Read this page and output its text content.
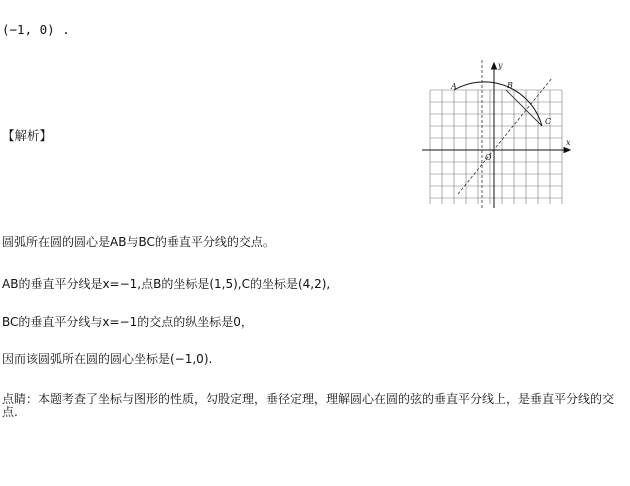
(−1, 0) .
【解析】
A	B
C
O
x
y
圆弧所在圆的圆心是AB与BC的垂直平分线的交点。
AB的垂直平分线是x=−1,点B的坐标是(1,5),C的坐标是(4,2),
BC的垂直平分线与x=−1的交点的纵坐标是0，
因而该圆弧所在圆的圆心坐标是(−1,0).
点睛：本题考查了坐标与图形的性质，勾股定理，垂径定理，理解圆心在圆的弦的垂直平分线上，是垂直平分线的交点.
